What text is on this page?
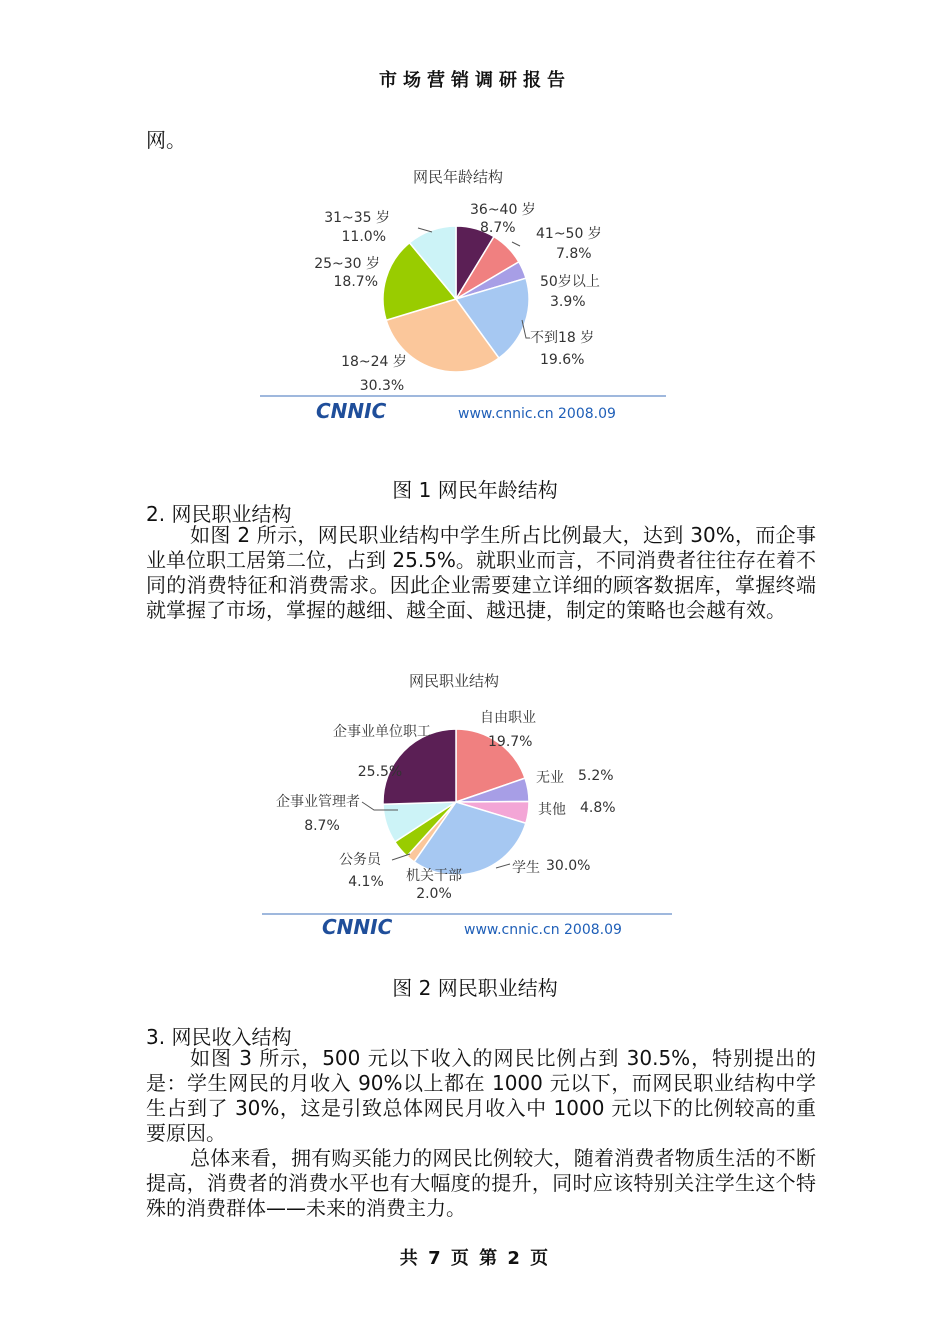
市场营销调研报告
网。
网民年龄结构
31~35 岁
11.0%
36~40 岁
8.7% 41~50 岁
7.8%
50岁以上
3.9%
不到18 岁
19.6%
25~30 岁
18.7%
18~24 岁
30.3%
CNNIC	www.cnnic.cn 2008.09
图 1 网民年龄结构
2. 网民职业结构

如图 2 所示，网民职业结构中学生所占比例最大，达到 30%，而企事业单位职工居第二位，占到 25.5%。就职业而言，不同消费者往往存在着不同的消费特征和消费需求。因此企业需要建立详细的顾客数据库，掌握终端就掌握了市场，掌握的越细、越全面、越迅捷，制定的策略也会越有效。

网民职业结构
企事业单位职工
25.5%
自由职业
19.7%
无业 5.2%
其他 4.8%
学生 30.0%
机关干部
2.0%
公务员
4.1%
企事业管理者
8.7%
CNNIC	www.cnnic.cn 2008.09
图 2 网民职业结构
3. 网民收入结构

如图 3 所示，500 元以下收入的网民比例占到 30.5%，特别提出的是：学生网民的月收入 90%以上都在 1000 元以下，而网民职业结构中学生占到了 30%，这是引致总体网民月收入中 1000 元以下的比例较高的重要原因。

总体来看，拥有购买能力的网民比例较大，随着消费者物质生活的不断提高，消费者的消费水平也有大幅度的提升，同时应该特别关注学生这个特殊的消费群体——未来的消费主力。

共 7 页 第 2 页
